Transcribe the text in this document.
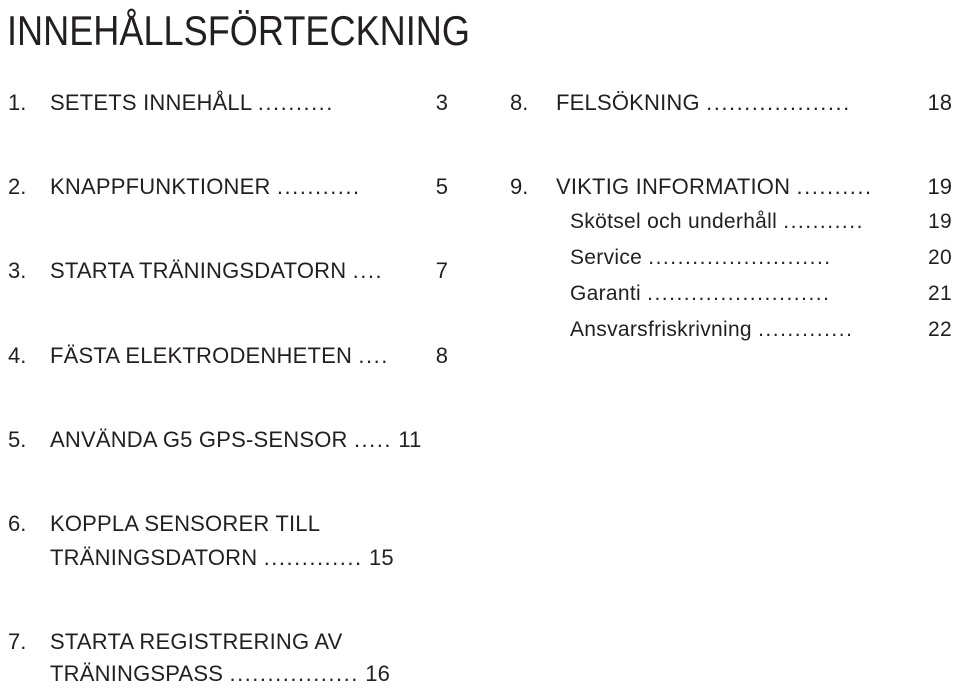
INNEHÅLLSFÖRTECKNING
1. SETETS INNEHÅLL ..........	3
2. KNAPPFUNKTIONER ...........	5
3. STARTA TRÄNINGSDATORN .... 7
4. FÄSTA ELEKTRODENHETEN .... 8
5. ANVÄNDA G5 GPS-SENSOR ..... 11
6. KOPPLA SENSORER TILL
TRÄNINGSDATORN ............. 15
7. STARTA REGISTRERING AV
TRÄNINGSPASS ................. 16
8. FELSÖKNING ...................	18
9. VIKTIG INFORMATION .......... 19
Skötsel och underhåll ...........	19
Service .........................	20
Garanti .........................	21
Ansvarsfriskrivning .............	22
